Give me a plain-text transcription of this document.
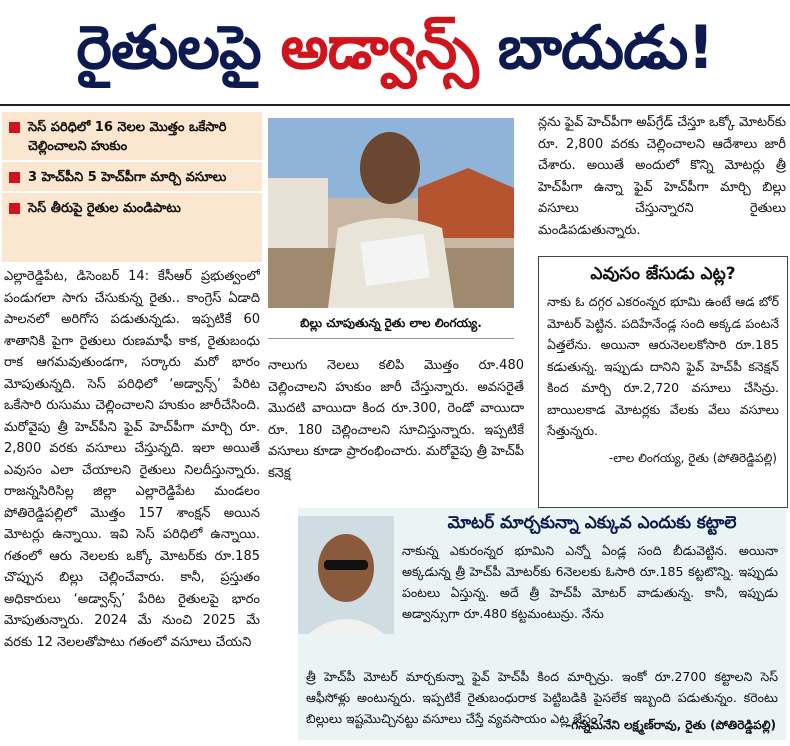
రైతులపై అడ్వాన్స్ బాదుడు!
సెస్ పరిధిలో 16 నెలల మొత్తం ఒకేసారి చెల్లించాలని హుకుం
3 హెచ్‌పీని 5 హెచ్‌పీగా మార్చి వసూలు
సెస్ తీరుపై రైతుల మండిపాటు

ఎల్లారెడ్డిపేట, డిసెంబర్ 14: కేసీఆర్ ప్రభుత్వంలో పండుగలా సాగు చేసుకున్న రైతు.. కాంగ్రెస్ ఏడాది పాలనలో అరిగోస పడుతున్నడు. ఇప్పటికే 60 శాతానికి పైగా రైతులు రుణమాఫీ కాక, రైతుబంధు రాక ఆగమవుతుండగా, సర్కారు మరో భారం మోపుతున్నది. సెస్ పరిధిలో ‘అడ్వాన్స్’ పేరిట ఒకేసారి రుసుము చెల్లించాలని హుకుం జారీచేసింది. మరోవైపు త్రీ హెచ్‌పీని ఫైవ్ హెచ్‌పీగా మార్చి రూ. 2,800 వరకు వసూలు చేస్తున్నది. ఇలా అయితే ఎవుసం ఎలా చేయాలని రైతులు నిలదీస్తున్నారు. రాజన్నసిరిసిల్ల జిల్లా ఎల్లారెడ్డిపేట మండలం పోతిరెడ్డిపల్లిలో మొత్తం 157 శాంక్షన్ అయిన మోటర్లు ఉన్నాయి. ఇవి సెస్ పరిధిలో ఉన్నాయి. గతంలో ఆరు నెలలకు ఒక్కో మోటర్‌కు రూ.185 చొప్పున బిల్లు చెల్లించేవారు. కానీ, ప్రస్తుతం అధికారులు ‘అడ్వాన్స్’ పేరిట రైతులపై భారం మోపుతున్నారు. 2024 మే నుంచి 2025 మే వరకు 12 నెలలతోపాటు గతంలో వసూలు చేయని

బిల్లు చూపుతున్న రైతు లాల లింగయ్య.

నాలుగు నెలలు కలిపి మొత్తం రూ.480 చెల్లించాలని హుకుం జారీ చేస్తున్నారు. అవసరైతే మొదటి వాయిదా కింద రూ.300, రెండో వాయిదా రూ. 180 చెల్లించాలని సూచిస్తున్నారు. ఇప్పటికే వసూలు కూడా ప్రారంభించారు. మరోవైపు త్రీ హెచ్‌పీ కనెక్ష

న్లను ఫైవ్ హెచ్‌పీగా అప్‌గ్రేడ్ చేస్తూ ఒక్కో మోటర్‌కు రూ. 2,800 వరకు చెల్లించాలని ఆదేశాలు జారీ చేశారు. అయితే అందులో కొన్ని మోటర్లు త్రీ హెచ్‌పీగా ఉన్నా ఫైవ్ హెచ్‌పీగా మార్చి బిల్లు వసూలు చేస్తున్నారని రైతులు మండిపడుతున్నారు.

ఎవుసం జేసుడు ఎట్ల?
నాకు ఓ దగ్గర ఎకరంన్నర భూమి ఉంటే ఆడ బోర్ మోటర్ పెట్టిన. పదిహేనేండ్ల సంది అక్కడ పంటనే ఏత్తలేను. అయినా ఆరునెలలకోసారి రూ.185 కడుతున్న. ఇప్పుడు దానిని ఫైవ్ హెచ్‌పీ కనెక్షన్ కింద మార్చి రూ.2,720 వసూలు చేసిన్రు. బాయిలకాడ మోటర్లకు వేలకు వేలు వసూలు సేత్తున్నరు.
-లాల లింగయ్య, రైతు (పోతిరెడ్డిపల్లి)
మోటర్ మార్చకున్నా ఎక్కువ ఎందుకు కట్టాలె
నాకున్న ఎకురంన్నర భూమిని ఎన్నో ఏండ్ల సంది బీడువెట్టిన. అయినా అక్కడున్న త్రీ హెచ్‌పీ మోటర్‌కు 6నెలలకు ఓసారి రూ.185 కట్టటొన్ని. ఇప్పుడు పంటలు ఏస్తున్న. అదే త్రీ హెచ్‌పీ మోటర్ వాడుతున్న. కానీ, ఇప్పుడు అడ్వాన్సుగా రూ.480 కట్టమంటున్రు. నేను
త్రీ హెచ్‌పీ మోటర్ మార్చకున్నా ఫైవ్ హెచ్‌పీ కింద మార్చిన్రు. ఇంకో రూ.2700 కట్టాలని సెస్ ఆఫీసోళ్లు అంటున్నరు. ఇప్పటికే రైతుబంధురాక పెట్టిబడికి పైసలేక ఇబ్బంది పడుతున్నం. కరెంటు బిల్లులు ఇష్టమొచ్చినట్టు వసూలు చేస్తే వ్యవసాయం ఎట్ల జేస్తం?
-గన్నమనేని లక్ష్మణ్‌రావు, రైతు (పోతిరెడ్డిపల్లి)
